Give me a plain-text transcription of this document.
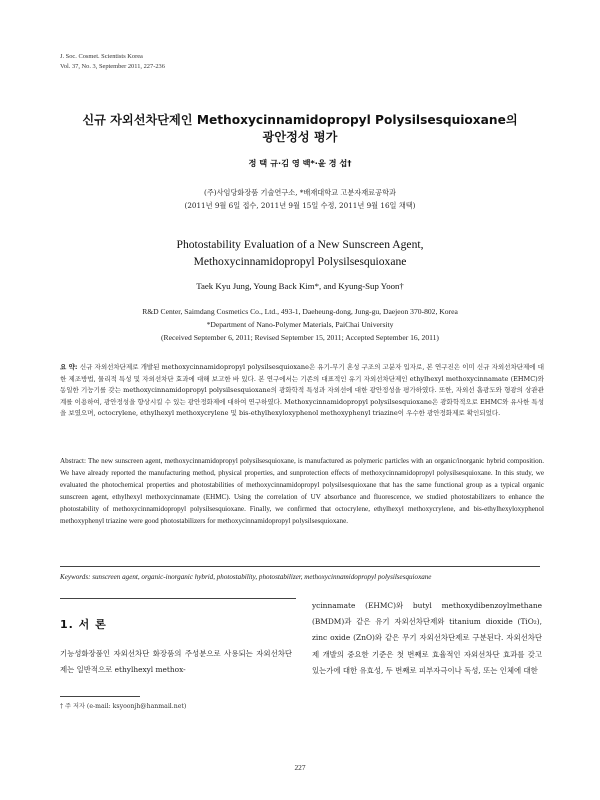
J. Soc. Cosmet. Scientists Korea
Vol. 37, No. 3, September 2011, 227-236
신규 자외선차단제인 Methoxycinnamidopropyl Polysilsesquioxane의
광안정성 평가
정 택 규·김 영 백*·윤 경 섭†
(주)사임당화장품 기술연구소, *배재대학교 고분자재료공학과
(2011년 9월 6일 접수, 2011년 9월 15일 수정, 2011년 9월 16일 채택)
Photostability Evaluation of a New Sunscreen Agent,
Methoxycinnamidopropyl Polysilsesquioxane
Taek Kyu Jung, Young Back Kim*, and Kyung-Sup Yoon†
R&D Center, Saimdang Cosmetics Co., Ltd., 493-1, Daeheung-dong, Jung-gu, Daejeon 370-802, Korea
*Department of Nano-Polymer Materials, PaiChai University
(Received September 6, 2011; Revised September 15, 2011; Accepted September 16, 2011)
요 약: 신규 자외선차단제로 개발된 methoxycinnamidopropyl polysilsesquioxane은 유기-무기 혼성 구조의 고분자 입자로, 본 연구진은 이미 신규 자외선차단제에 대한 제조방법, 물리적 특성 및 자외선차단 효과에 대해 보고한 바 있다. 본 연구에서는 기존의 대표적인 유기 자외선차단제인 ethylhexyl methoxycinnamate (EHMC)와 동일한 기능기를 갖는 methoxycinnamidopropyl polysilsesquioxane의 광화학적 특성과 자외선에 대한 광안정성을 평가하였다. 또한, 자외선 흡광도와 형광의 상관관계를 이용하여, 광안정성을 향상시킬 수 있는 광안정화제에 대하여 연구하였다. Methoxycinnamidopropyl polysilsesquioxane은 광화학적으로 EHMC와 유사한 특성을 보였으며, octocrylene, ethylhexyl methoxycrylene 및 bis-ethylhexyloxyphenol methoxyphenyl triazine이 우수한 광안정화제로 확인되었다.
Abstract: The new sunscreen agent, methoxycinnamidopropyl polysilsesquioxane, is manufactured as polymeric particles with an organic/inorganic hybrid composition. We have already reported the manufacturing method, physical properties, and sunprotection effects of methoxycinnamidopropyl polysilsesquioxane. In this study, we evaluated the photochemical properties and photostabilities of methoxycinnamidopropyl polysilsesquioxane that has the same functional group as a typical organic sunscreen agent, ethylhexyl methoxycinnamate (EHMC). Using the correlation of UV absorbance and fluorescence, we studied photostabilizers to enhance the photostability of methoxycinnamidopropyl polysilsesquioxane. Finally, we confirmed that octocrylene, ethylhexyl methoxycrylene, and bis-ethylhexyloxyphenol methoxyphenyl triazine were good photostabilizers for methoxycinnamidopropyl polysilsesquioxane.
Keywords: sunscreen agent, organic-inorganic hybrid, photostability, photostabilizer, methoxycinnamidopropyl polysilsesquioxane
1. 서 론
기능성화장품인 자외선차단 화장품의 주성분으로 사용되는 자외선차단제는 일반적으로 ethylhexyl methox-
ycinnamate (EHMC)와 butyl methoxydibenzoylmethane (BMDM)과 같은 유기 자외선차단제와 titanium dioxide (TiO₂), zinc oxide (ZnO)와 같은 무기 자외선차단제로 구분된다. 자외선차단제 개발의 중요한 기준은 첫 번째로 효율적인 자외선차단 효과를 갖고 있는가에 대한 유효성, 두 번째로 피부자극이나 독성, 또는 인체에 대한
† 주 저자 (e-mail: ksyoonjh@hanmail.net)
227
